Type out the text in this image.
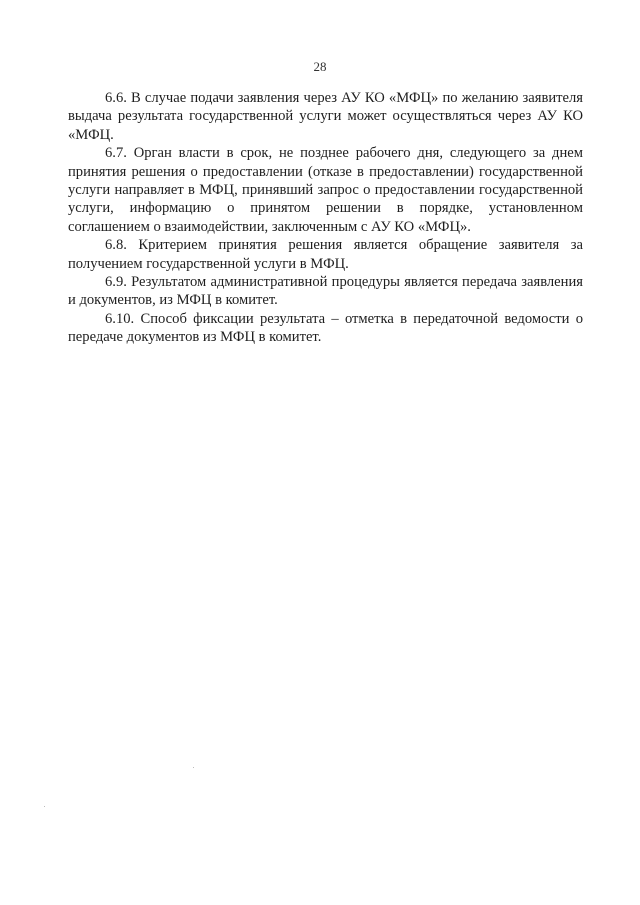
28

6.6. В случае подачи заявления через АУ КО «МФЦ» по желанию заявителя выдача результата государственной услуги может осуществляться через АУ КО «МФЦ.

6.7. Орган власти в срок, не позднее рабочего дня, следующего за днем принятия решения о предоставлении (отказе в предоставлении) государственной услуги направляет в МФЦ, принявший запрос о предоставлении государственной услуги, информацию о принятом решении в порядке, установленном соглашением о взаимодействии, заключенным с АУ КО «МФЦ».

6.8. Критерием принятия решения является обращение заявителя за получением государственной услуги в МФЦ.

6.9. Результатом административной процедуры является передача заявления и документов, из МФЦ в комитет.

6.10. Способ фиксации результата – отметка в передаточной ведомости о передаче документов из МФЦ в комитет.
